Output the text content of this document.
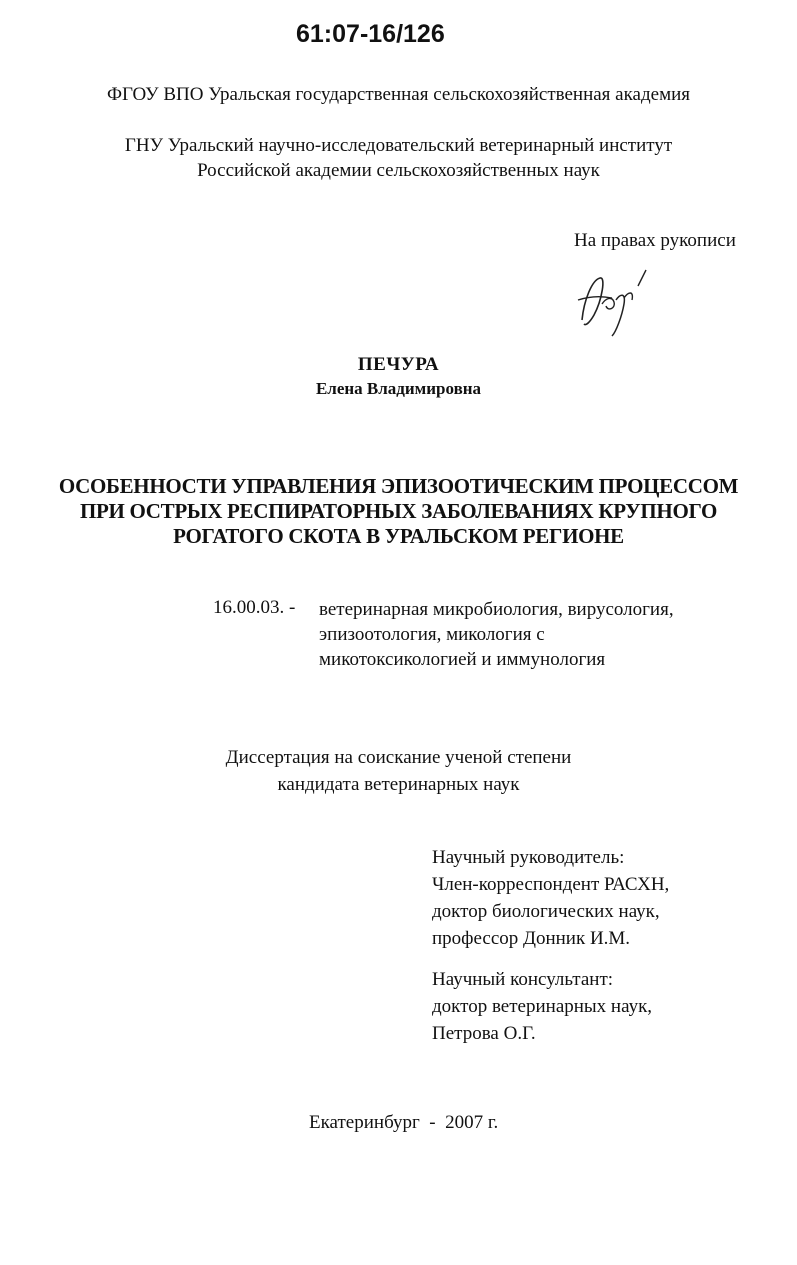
61:07-16/126
ФГОУ ВПО Уральская государственная сельскохозяйственная академия
ГНУ Уральский научно-исследовательский ветеринарный институт
Российской академии сельскохозяйственных наук
На правах рукописи
ПЕЧУРА
Елена Владимировна
ОСОБЕННОСТИ УПРАВЛЕНИЯ ЭПИЗООТИЧЕСКИМ ПРОЦЕССОМ
ПРИ ОСТРЫХ РЕСПИРАТОРНЫХ ЗАБОЛЕВАНИЯХ КРУПНОГО
РОГАТОГО СКОТА В УРАЛЬСКОМ РЕГИОНЕ
16.00.03. - ветеринарная микробиология, вирусология,
эпизоотология, микология с
микотоксикологией и иммунология
Диссертация на соискание ученой степени
кандидата ветеринарных наук
Научный руководитель:
Член-корреспондент РАСХН,
доктор биологических наук,
профессор Донник И.М.
Научный консультант:
доктор ветеринарных наук,
Петрова О.Г.
Екатеринбург  -  2007 г.
